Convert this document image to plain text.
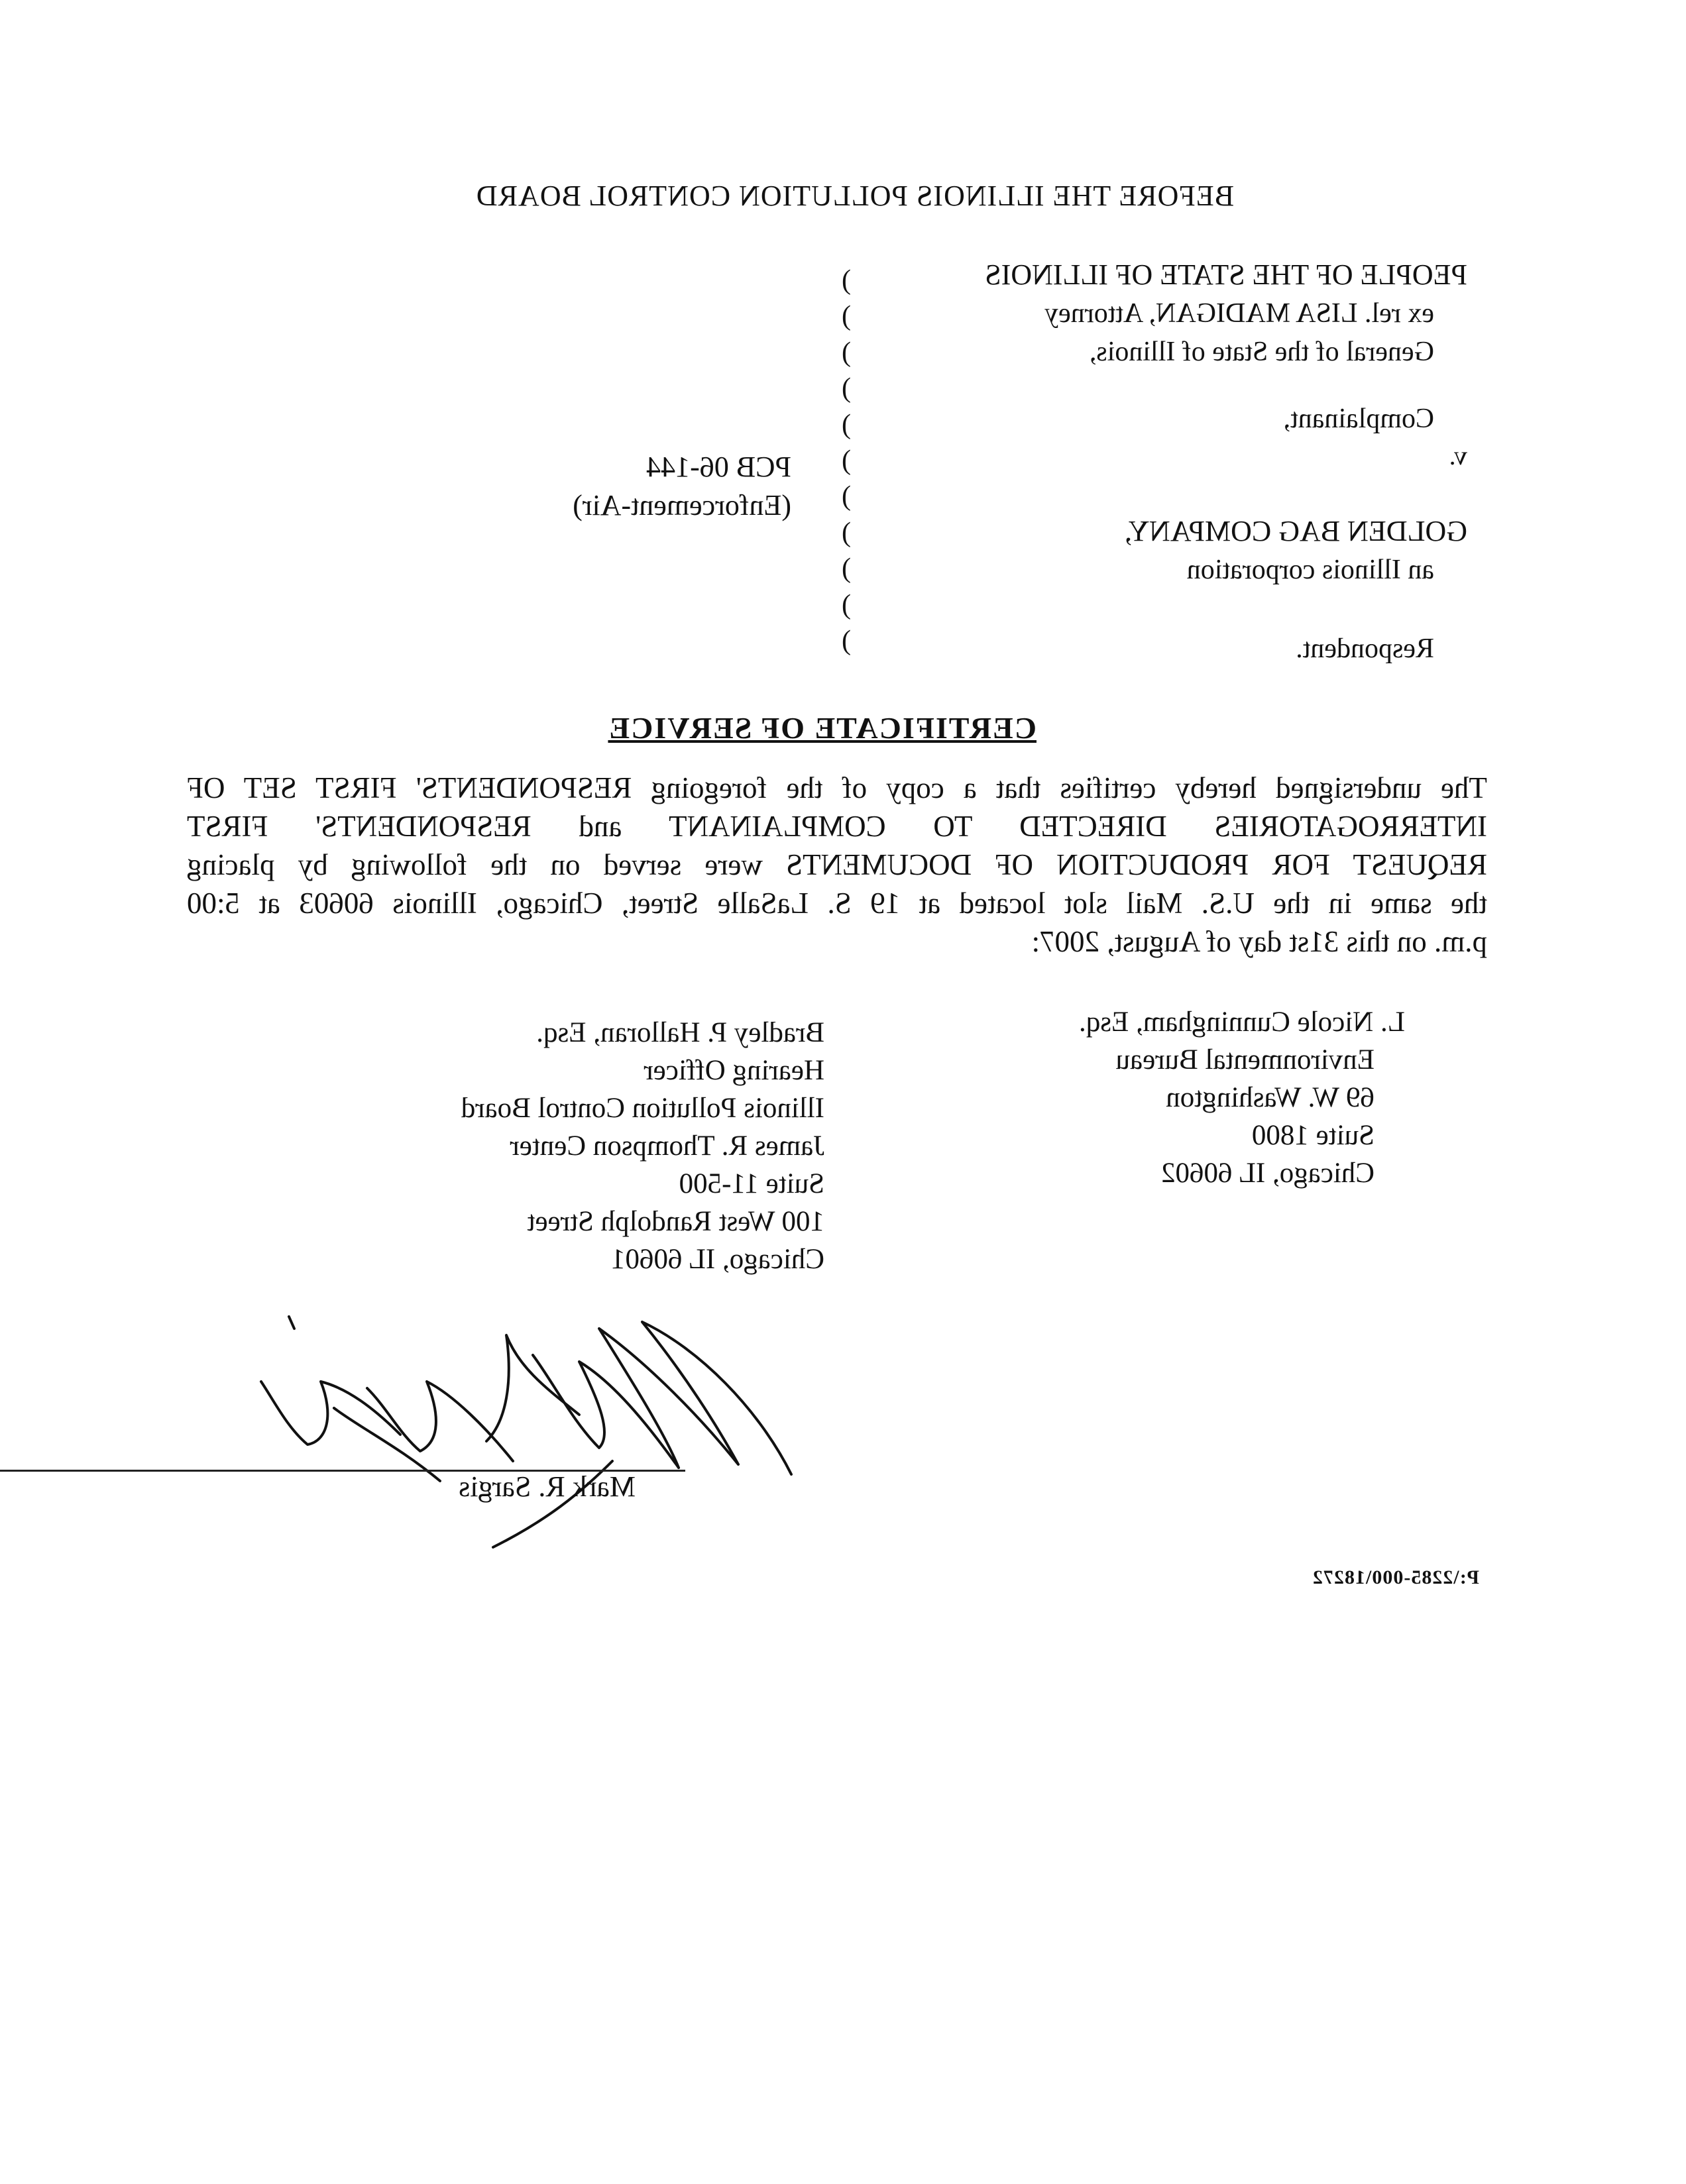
BEFORE THE ILLINOIS POLLUTION CONTROL BOARD
PEOPLE OF THE STATE OF ILLINOIS
ex rel. LISA MADIGAN, Attorney
General of the State of Illinois,
Complainant,
v.
GOLDEN BAG COMPANY,
an Illinois corporation
Respondent.
)
)
)
)
)
)
)
)
)
)
)
PCB 06-144
(Enforcement-Air)
CERTIFICATE OF SERVICE
The undersigned hereby certifies that a copy of the foregoing RESPONDENTS' FIRST SET OF
INTERROGATORIES DIRECTED TO COMPLAINANT and RESPONDENTS' FIRST
REQUEST FOR PRODUCTION OF DOCUMENTS were served on the following by placing
the same in the U.S. Mail slot located at 19 S. LaSalle Street, Chicago, Illinois 60603 at 5:00
p.m. on this 31st day of August, 2007:
L. Nicole Cunningham, Esq.
Environmental Bureau
69 W. Washington
Suite 1800
Chicago, IL 60602
Bradley P. Halloran, Esq.
Hearing Officer
Illinois Pollution Control Board
James R. Thompson Center
Suite 11-500
100 West Randolph Street
Chicago, IL 60601
Mark R. Sargis
P:\2285-000\18272
